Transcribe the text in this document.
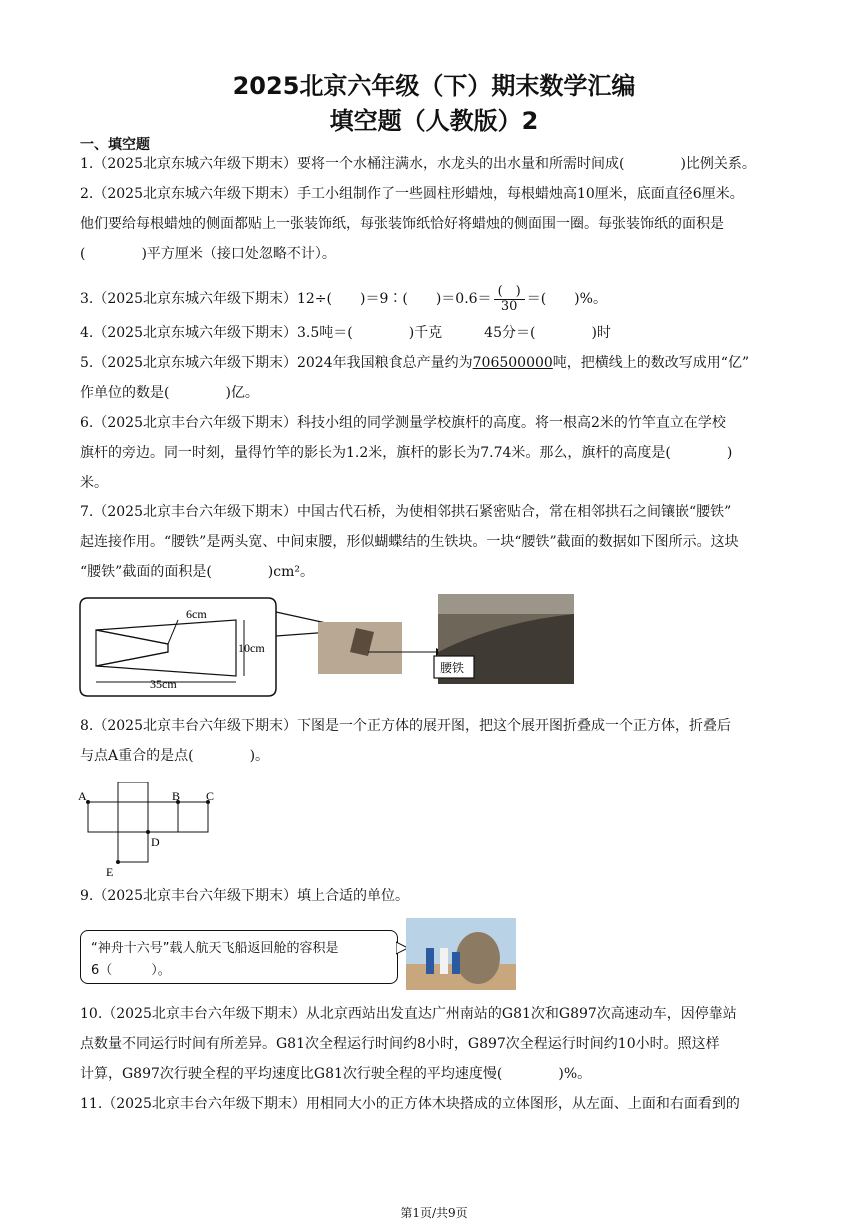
2025北京六年级（下）期末数学汇编
填空题（人教版）2
一、填空题
1.（2025北京东城六年级下期末）要将一个水桶注满水，水龙头的出水量和所需时间成(　　　　)比例关系。
2.（2025北京东城六年级下期末）手工小组制作了一些圆柱形蜡烛，每根蜡烛高10厘米，底面直径6厘米。
他们要给每根蜡烛的侧面都贴上一张装饰纸，每张装饰纸恰好将蜡烛的侧面围一圈。每张装饰纸的面积是
(　　　　)平方厘米（接口处忽略不计）。
3.（2025北京东城六年级下期末）12÷(　　)＝9∶(　　)$=0.6= \frac{( )}{30}$ ＝(　　)%。
4.（2025北京东城六年级下期末）3.5吨＝(　　　　)千克　　　45分＝(　　　　)时
5.（2025北京东城六年级下期末）2024年我国粮食总产量约为706500000吨，把横线上的数改写成用“亿”
作单位的数是(　　　　)亿。
6.（2025北京丰台六年级下期末）科技小组的同学测量学校旗杆的高度。将一根高2米的竹竿直立在学校
旗杆的旁边。同一时刻，量得竹竿的影长为1.2米，旗杆的影长为7.74米。那么，旗杆的高度是(　　　　)
米。
7.（2025北京丰台六年级下期末）中国古代石桥，为使相邻拱石紧密贴合，常在相邻拱石之间镶嵌“腰铁”
起连接作用。“腰铁”是两头宽、中间束腰，形似蝴蝶结的生铁块。一块“腰铁”截面的数据如下图所示。这块
“腰铁”截面的面积是(　　　　)cm²。
6cm
10cm
35cm
腰铁
8.（2025北京丰台六年级下期末）下图是一个正方体的展开图，把这个展开图折叠成一个正方体，折叠后
与点A重合的是点(　　　　)。
A	B C
D
E
9.（2025北京丰台六年级下期末）填上合适的单位。
“神舟十六号”载人航天飞船返回舱的容积是
6（　　　）。
10.（2025北京丰台六年级下期末）从北京西站出发直达广州南站的G81次和G897次高速动车，因停靠站
点数量不同运行时间有所差异。G81次全程运行时间约8小时，G897次全程运行时间约10小时。照这样
计算，G897次行驶全程的平均速度比G81次行驶全程的平均速度慢(　　　　)%。
11.（2025北京丰台六年级下期末）用相同大小的正方体木块搭成的立体图形，从左面、上面和右面看到的
第1页/共9页
